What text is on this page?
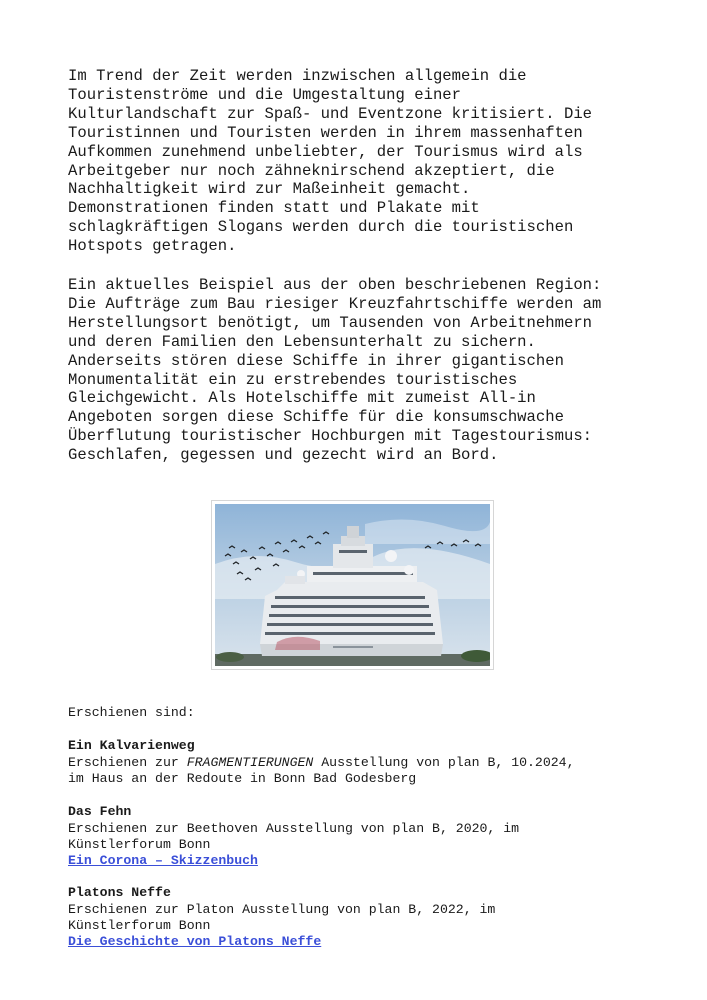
Im Trend der Zeit werden inzwischen allgemein die
Touristenströme und die Umgestaltung einer
Kulturlandschaft zur Spaß- und Eventzone kritisiert. Die
Touristinnen und Touristen werden in ihrem massenhaften
Aufkommen zunehmend unbeliebter, der Tourismus wird als
Arbeitgeber nur noch zähneknirschend akzeptiert, die
Nachhaltigkeit wird zur Maßeinheit gemacht.
Demonstrationen finden statt und Plakate mit
schlagkräftigen Slogans werden durch die touristischen
Hotspots getragen.

Ein aktuelles Beispiel aus der oben beschriebenen Region:
Die Aufträge zum Bau riesiger Kreuzfahrtschiffe werden am
Herstellungsort benötigt, um Tausenden von Arbeitnehmern
und deren Familien den Lebensunterhalt zu sichern.
Anderseits stören diese Schiffe in ihrer gigantischen
Monumentalität ein zu erstrebendes touristisches
Gleichgewicht. Als Hotelschiffe mit zumeist All-in
Angeboten sorgen diese Schiffe für die konsumschwache
Überflutung touristischer Hochburgen mit Tagestourismus:
Geschlafen, gegessen und gezecht wird an Bord.

Erschienen sind:

Ein Kalvarienweg

Erschienen zur FRAGMENTIERUNGEN Ausstellung von plan B, 10.2024,

im Haus an der Redoute in Bonn Bad Godesberg

Das Fehn

Erschienen zur Beethoven Ausstellung von plan B, 2020, im

Künstlerforum Bonn

Ein Corona – Skizzenbuch

Platons Neffe

Erschienen zur Platon Ausstellung von plan B, 2022, im

Künstlerforum Bonn

Die Geschichte von Platons Neffe
